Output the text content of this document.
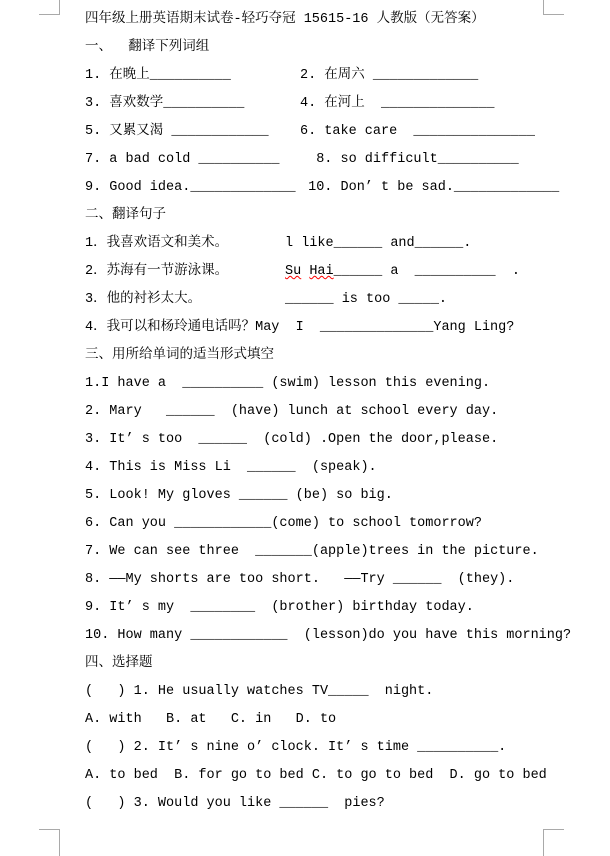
四年级上册英语期末试卷-轻巧夺冠 15615-16 人教版（无答案）
一、  翻译下列词组
1. 在晚上__________	2. 在周六 _____________
3. 喜欢数学__________	4. 在河上  ______________
5. 又累又渴 ____________	6. take care  _______________
7. a bad cold __________	8. so difficult__________
9. Good idea._____________ 10. Don’ t be sad._____________
二、翻译句子
1．我喜欢语文和美术。	l like______ and______.
2．苏海有一节游泳课。	Su Hai______ a  __________  .
3．他的衬衫太大。	______ is too _____.
4．我可以和杨玲通电话吗？ May  I  ______________Yang Ling?
三、用所给单词的适当形式填空
1.I have a  __________ (swim) lesson this evening.
2. Mary   ______  (have) lunch at school every day.
3. It’ s too  ______  (cold) .Open the door,please.
4. This is Miss Li  ______  (speak).
5. Look! My gloves ______ (be) so big.
6. Can you ____________(come) to school tomorrow?
7. We can see three  _______(apple)trees in the picture.
8. ——My shorts are too short.   ——Try ______  (they).
9. It’ s my  ________  (brother) birthday today.
10. How many ____________  (lesson)do you have this morning?
四、选择题
(   ) 1. He usually watches TV_____  night.
A. with   B. at   C. in   D. to
(   ) 2. It’ s nine o’ clock. It’ s time __________.
A. to bed  B. for go to bed C. to go to bed  D. go to bed
(   ) 3. Would you like ______  pies?
